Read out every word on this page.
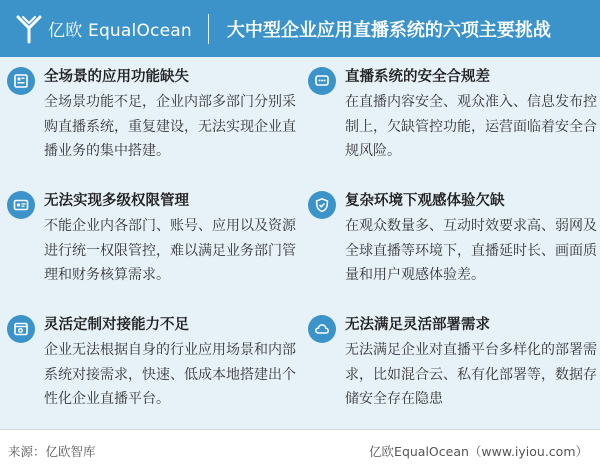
亿欧 EqualOcean 大中型企业应用直播系统的六项主要挑战
全场景的应用功能缺失
全场景功能不足，企业内部多部门分别采购直播系统，重复建设，无法实现企业直播业务的集中搭建。
直播系统的安全合规差
在直播内容安全、观众准入、信息发布控制上，欠缺管控功能，运营面临着安全合规风险。
无法实现多级权限管理
不能企业内各部门、账号、应用以及资源进行统一权限管控，难以满足业务部门管理和财务核算需求。
复杂环境下观感体验欠缺
在观众数量多、互动时效要求高、弱网及全球直播等环境下，直播延时长、画面质量和用户观感体验差。
灵活定制对接能力不足
企业无法根据自身的行业应用场景和内部系统对接需求，快速、低成本地搭建出个性化企业直播平台。
无法满足灵活部署需求
无法满足企业对直播平台多样化的部署需求，比如混合云、私有化部署等，数据存储安全存在隐患
来源：亿欧智库	亿欧EqualOcean（www.iyiou.com）
